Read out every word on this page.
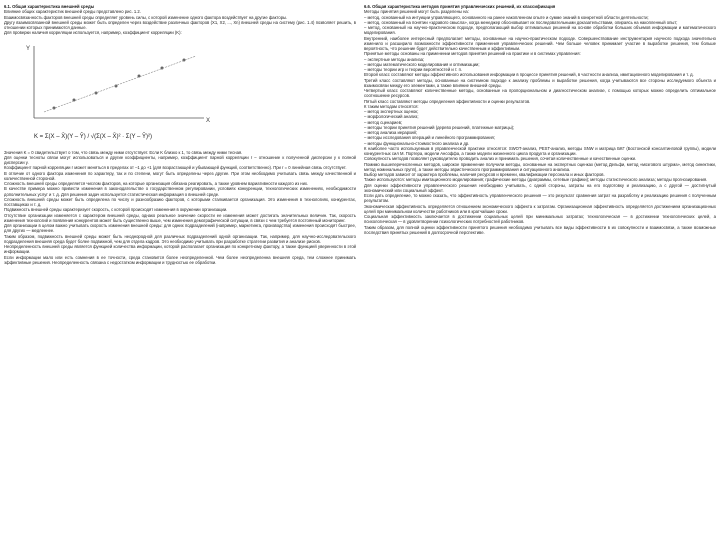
6.1. Общая характеристика внешней среды

Влияние общих характеристик внешней среды представлено рис. 1.2.

Взаимосвязанность факторов внешней среды определяет уровень силы, с которой изменение одного фактора воздействует на другие факторы.

Другу взаимосвязанной внешней среды может быть определен через воздействие различных факторов (X1, X2, ..., Xn) внешней среды на систему (рис. 1.4) позволяет решить, в отношении которых принимаются данные.

Для проверки наличия корреляции используется, например, коэффициент корреляции (K):

Y
X
K = Σ(X – X̄)(Y – Ȳ) / √(Σ(X – X̄)² · Σ(Y – Ȳ)²)

Значения K = 0 свидетельствует о том, что связь между ними отсутствует. Если K близко к 1, то связь между ними тесная.

Для оценки тесноты связи могут использоваться и другие коэффициенты, например, коэффициент парной корреляции r – отношение к полученной дисперсии y к полной дисперсии y.

Коэффициент парной корреляции r может меняться в пределах от –1 до +1 (для возрастающей и убывающей функций, соответственно). При r = 0 линейная связь отсутствует.

В отличие от одного фактора изменения по характеру, так и по степени, могут быть определены через другие. При этом необходимо учитывать связь между качественной и количественной стороной.

Сложность внешней среды определяется числом факторов, на которые организация обязана реагировать, а также уровнем вариативности каждого из них.

В качестве примера можно привести изменения в законодательстве о государственном регулировании, условиях конкуренции, технологических изменениях, необходимости дополнительных услуг и т. д. Для решения задач используется статистическая информация о внешней среде.

Сложность внешней среды может быть определена по числу и разнообразию факторов, с которыми сталкивается организация. Это изменения в технологиях, конкурентах, поставщиках и т. д.

Подвижность внешней среды характеризует скорость, с которой происходят изменения в окружении организации.

Отсутствие организации изменяется с характером внешней среды, однако реальное значение скорости ее изменения может достигать значительных величин. Так, скорость изменения технологий и появления конкурентов может быть существенно выше, чем изменения демографической ситуации, в связи с чем требуется постоянный мониторинг.

Для организации в целом важно учитывать скорость изменения внешней среды: для одних подразделений (например, маркетинга, производства) изменения происходят быстрее, для других — медленнее.

Таким образом, подвижность внешней среды может быть неоднородной для различных подразделений одной организации. Так, например, для научно-исследовательского подразделения внешняя среда будет более подвижной, чем для отдела кадров. Это необходимо учитывать при разработке стратегии развития и анализе рисков.

Неопределенность внешней среды является функцией количества информации, которой располагает организация по конкретному фактору, а также функцией уверенности в этой информации.

Если информации мало или есть сомнения в ее точности, среда становится более неопределенной. Чем более неопределенна внешняя среда, тем сложнее принимать эффективные решения. Неопределенность связана с недостатком информации и трудностью ее обработки.

6.6. Общая характеристика методов принятия управленческих решений, их классификация

Методы принятия решений могут быть разделены на:

– метод, основанный на интуиции управляющего, основанного на ранее накопленном опыте и сумме знаний в конкретной области деятельности;

– метод, основанный на понятии «здравого смысла», когда менеджер обосновывает их последовательными доказательствами, опираясь на накопленный опыт;

– метод, основанный на научно-практическом подходе, предполагающий выбор оптимальных решений на основе обработки больших объемов информации и математического моделирования.

Внутренний, наиболее интересный предполагает методы, основанные на научно-практическом подходе. Совершенствование инструментария научного подхода значительно изменило и расширило возможности эффективности применения управленческих решений. Чем больше человек принимает участие в выработке решения, тем больше вероятность, что решение будет действительно качественным и эффективным.

Принятые методы основаны на применении методов принятия решений на практике и в системах управления:

– экспертные методы анализа;

– методы математического моделирования и оптимизации;

– методы теории игр и теории вероятностей и т. п.

Второй класс составляют методы эффективного использования информации в процессе принятия решений, в частности анализа, имитационного моделирования и т. д.

Третий класс составляют методы, основанные на системном подходе к анализу проблемы и выработке решения, когда учитываются все стороны исследуемого объекта и взаимосвязи между его элементами, а также влияние внешней среды.

Четвертый класс составляют количественные методы, основанные на пропорциональном и диагностическом анализе, с помощью которых можно определить оптимальное соотношение ресурсов.

Пятый класс составляют методы определения эффективности и оценки результатов.

К таким методам относятся:

– метод экспертных оценок;

– морфологический анализ;

– метод сценариев;

– методы теории принятия решений (дерево решений, платежные матрицы);

– метод анализа иерархий;

– методы исследования операций и линейного программирования;

– методы функционально-стоимостного анализа и др.

К наиболее часто используемым в управленческой практике относятся: SWOT-анализ, PEST-анализ, методы SNW и матрица БКГ (Бостонской консалтинговой группы), модели конкурентных сил М. Портера, модели Ансоффа, а также модели жизненного цикла продукта и организации.

Совокупность методов позволяет руководителю проводить анализ и принимать решения, сочетая количественные и качественные оценки.

Помимо вышеперечисленных методов, широкое применение получили методы, основанные на экспертных оценках (метод Дельфи, метод «мозгового штурма», метод синектики, метод номинальных групп), а также методы эвристического программирования и ситуационного анализа.

Выбор методов зависит от характера проблемы, наличия ресурсов и времени, квалификации персонала и иных факторов.

Также используются: методы имитационного моделирования; графические методы (диаграммы, сетевые графики); методы статистического анализа; методы прогнозирования.

Для оценки эффективности управленческого решения необходимо учитывать, с одной стороны, затраты на его подготовку и реализацию, а с другой — достигнутый экономический или социальный эффект.

Если дать определение, то можно сказать, что эффективность управленческого решения — это результат сравнения затрат на разработку и реализацию решения с полученным результатом.

Экономическая эффективность определяется отношением экономического эффекта к затратам. Организационная эффективность определяется достижением организационных целей при минимальном количестве работников или в кратчайшие сроки.

Социальная эффективность заключается в достижении социальных целей при минимальных затратах; технологическая — в достижении технологических целей, а психологическая — в удовлетворении психологических потребностей работников.

Таким образом, для полной оценки эффективности принятого решения необходимо учитывать все виды эффективности в их совокупности и взаимосвязи, а также возможные последствия принятых решений в долгосрочной перспективе.
